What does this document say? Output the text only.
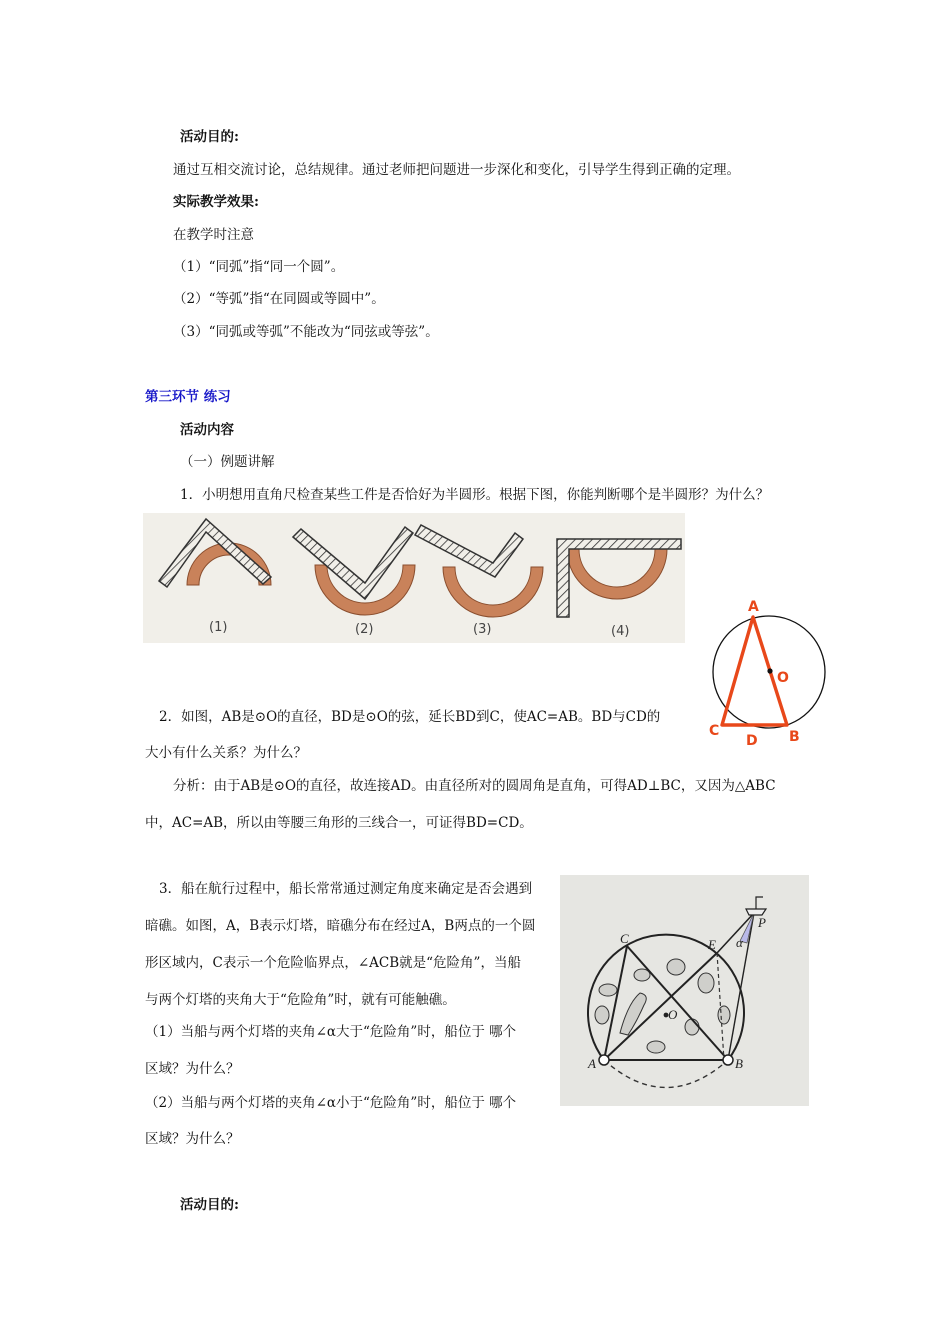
活动目的:
通过互相交流讨论，总结规律。通过老师把问题进一步深化和变化，引导学生得到正确的定理。
实际教学效果:
在教学时注意
（1）“同弧”指“同一个圆”。
（2）“等弧”指“在同圆或等圆中”。
（3）“同弧或等弧”不能改为“同弦或等弦”。
第三环节 练习
活动内容
（一）例题讲解
1．小明想用直角尺检查某些工件是否恰好为半圆形。根据下图，你能判断哪个是半圆形？为什么？
(1)	(2)	(3)	(4)
A
O
C
D B
2．如图，AB是⊙O的直径，BD是⊙O的弦，延长BD到C，使AC=AB。BD与CD的
大小有什么关系？为什么？
分析：由于AB是⊙O的直径，故连接AD。由直径所对的圆周角是直角，可得AD⊥BC，又因为△ABC
中，AC=AB，所以由等腰三角形的三线合一，可证得BD=CD。
3．船在航行过程中，船长常常通过测定角度来确定是否会遇到
暗礁。如图，A，B表示灯塔，暗礁分布在经过A，B两点的一个圆
形区域内，C表示一个危险临界点，∠ACB就是“危险角”，当船
与两个灯塔的夹角大于“危险角”时，就有可能触礁。
（1）当船与两个灯塔的夹角∠α大于“危险角”时，船位于 哪个
区域？为什么？
（2）当船与两个灯塔的夹角∠α小于“危险角”时，船位于 哪个
区域？为什么？
C	E
P
α
O
A	B
活动目的:
